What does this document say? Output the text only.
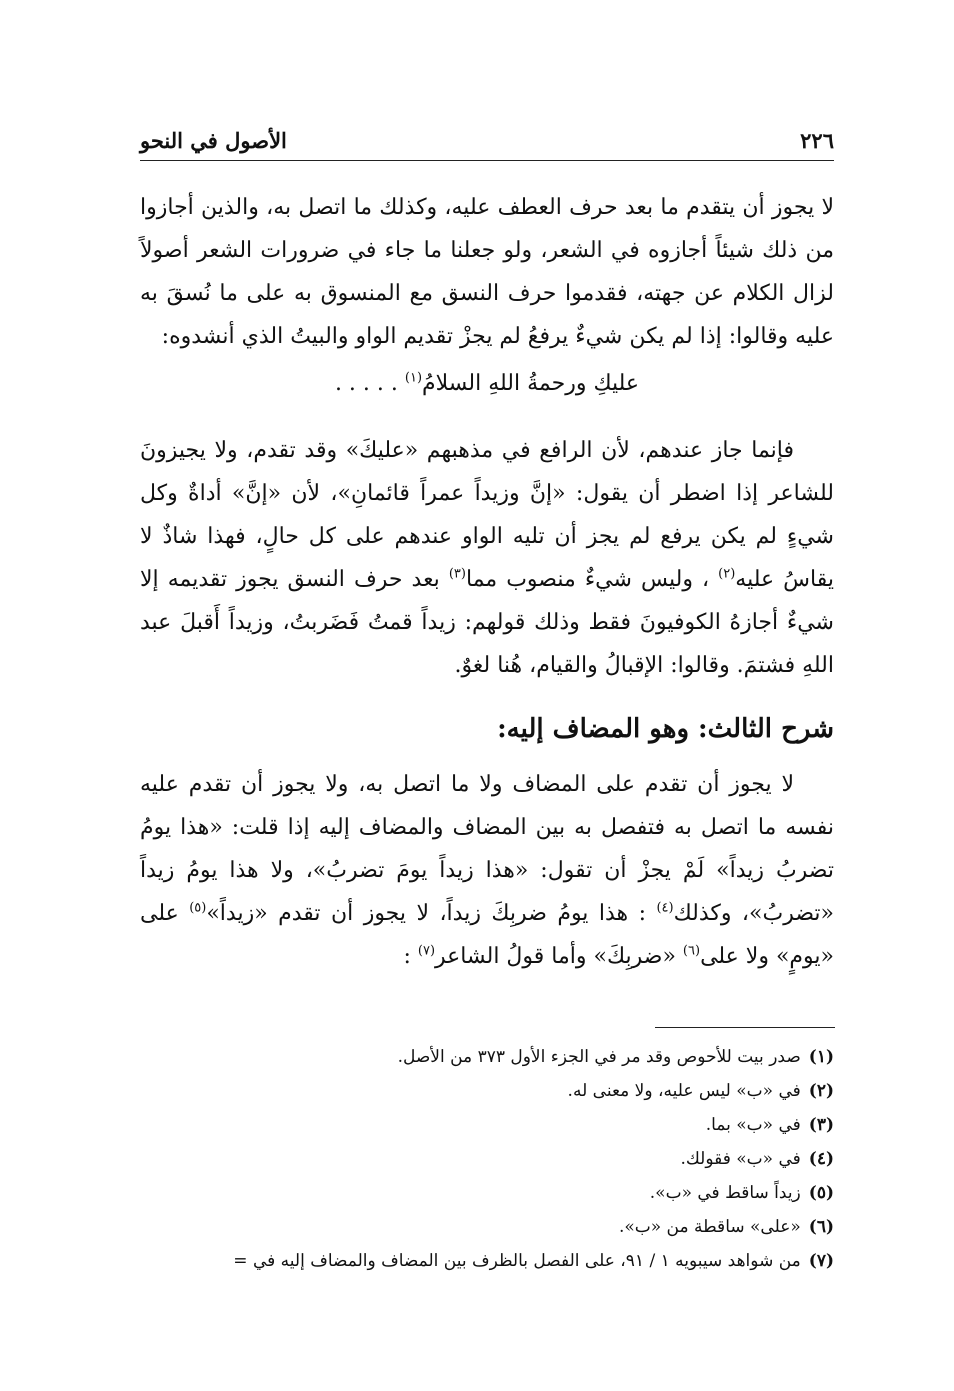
٢٢٦
الأصول في النحو

لا يجوز أن يتقدم ما بعد حرف العطف عليه، وكذلك ما اتصل به، والذين أجازوا من ذلك شيئاً أجازوه في الشعر، ولو جعلنا ما جاء في ضرورات الشعر أصولاً لزال الكلام عن جهته، فقدموا حرف النسق مع المنسوق به على ما نُسقَ به عليه وقالوا: إذا لم يكن شيءٌ يرفعُ لم يجزْ تقديم الواو والبيتُ الذي أنشدوه:

عليكِ ورحمةُ اللهِ السلامُ$^{(١)}$ . . . . .

فإنما جاز عندهم، لأن الرافع في مذهبهم «عليكَ» وقد تقدم، ولا يجيزونَ للشاعر إذا اضطر أن يقول: «إنَّ وزيداً عمراً قائمانِ»، لأن «إنَّ» أداةٌ وكل شيءٍ لم يكن يرفع لم يجز أن تليه الواو عندهم على كل حالٍ، فهذا شاذٌ لا يقاسُ عليه$^{(٢)}$ ، وليس شيءٌ منصوب مما$^{(٣)}$ بعد حرف النسق يجوز تقديمه إلا شيءٌ أجازهُ الكوفيونَ فقط وذلك قولهم: زيداً قمتُ فَضَربتُ، وزيداً أَقبلَ عبد اللهِ فشتمَ. وقالوا: الإقبالُ والقيام، هُنا لغوٌ.

شرح الثالث: وهو المضاف إليه:

لا يجوز أن تقدم على المضاف ولا ما اتصل به، ولا يجوز أن تقدم عليه نفسه ما اتصل به فتفصل به بين المضاف والمضاف إليه إذا قلت: «هذا يومُ تضربُ زيداً» لَمْ يجزْ أن تقول: «هذا زيداً يومَ تضربُ»، ولا هذا يومُ زيداً «تضربُ»، وكذلك$^{(٤)}$ : هذا يومُ ضربِكَ زيداً، لا يجوز أن تقدم «زيداً»$^{(٥)}$ على «يومٍ» ولا على$^{(٦)}$ «ضربِكَ» وأما قولُ الشاعر$^{(٧)}$ :

(١)صدر بيت للأحوص وقد مر في الجزء الأول ٣٧٣ من الأصل.
(٢)في «ب» ليس عليه، ولا معنى له.
(٣)في «ب» بما.
(٤)في «ب» فقولك.
(٥)زيداً ساقط في «ب».
(٦)«على» ساقطة من «ب».
(٧)من شواهد سيبويه ١ / ٩١، على الفصل بالظرف بين المضاف والمضاف إليه في =
